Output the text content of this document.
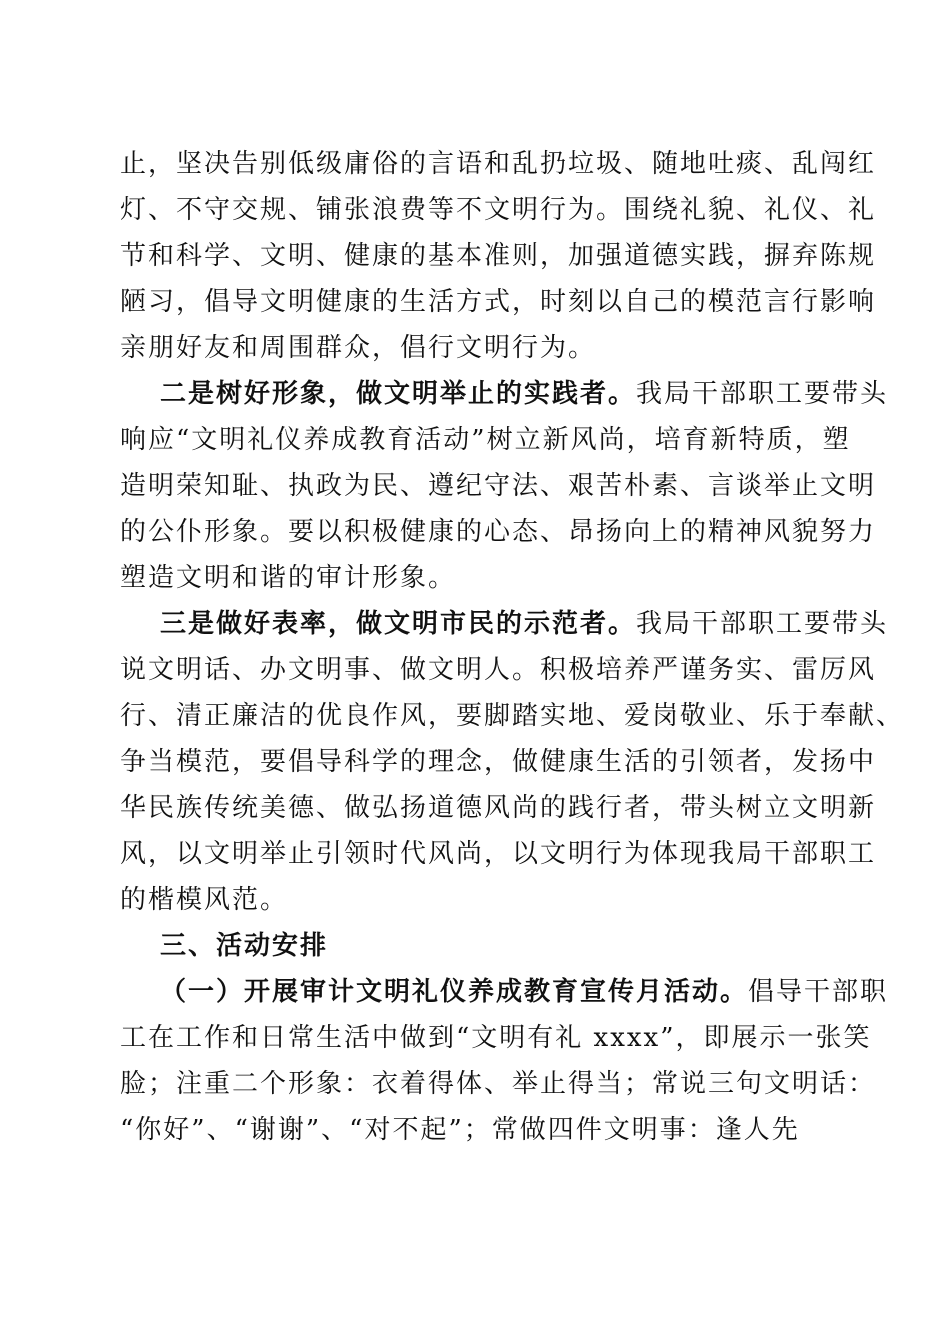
止，坚决告别低级庸俗的言语和乱扔垃圾、随地吐痰、乱闯红
灯、不守交规、铺张浪费等不文明行为。围绕礼貌、礼仪、礼
节和科学、文明、健康的基本准则，加强道德实践，摒弃陈规
陋习，倡导文明健康的生活方式，时刻以自己的模范言行影响
亲朋好友和周围群众，倡行文明行为。
二是树好形象，做文明举止的实践者。我局干部职工要带头
响应“文明礼仪养成教育活动”树立新风尚，培育新特质，塑
造明荣知耻、执政为民、遵纪守法、艰苦朴素、言谈举止文明
的公仆形象。要以积极健康的心态、昂扬向上的精神风貌努力
塑造文明和谐的审计形象。
三是做好表率，做文明市民的示范者。我局干部职工要带头
说文明话、办文明事、做文明人。积极培养严谨务实、雷厉风
行、清正廉洁的优良作风，要脚踏实地、爱岗敬业、乐于奉献、
争当模范，要倡导科学的理念，做健康生活的引领者，发扬中
华民族传统美德、做弘扬道德风尚的践行者，带头树立文明新
风，以文明举止引领时代风尚，以文明行为体现我局干部职工
的楷模风范。
三、活动安排
（一）开展审计文明礼仪养成教育宣传月活动。倡导干部职
工在工作和日常生活中做到“文明有礼 xxxx”，即展示一张笑
脸；注重二个形象：衣着得体、举止得当；常说三句文明话：
“你好”、“谢谢”、“对不起”；常做四件文明事：逢人先
